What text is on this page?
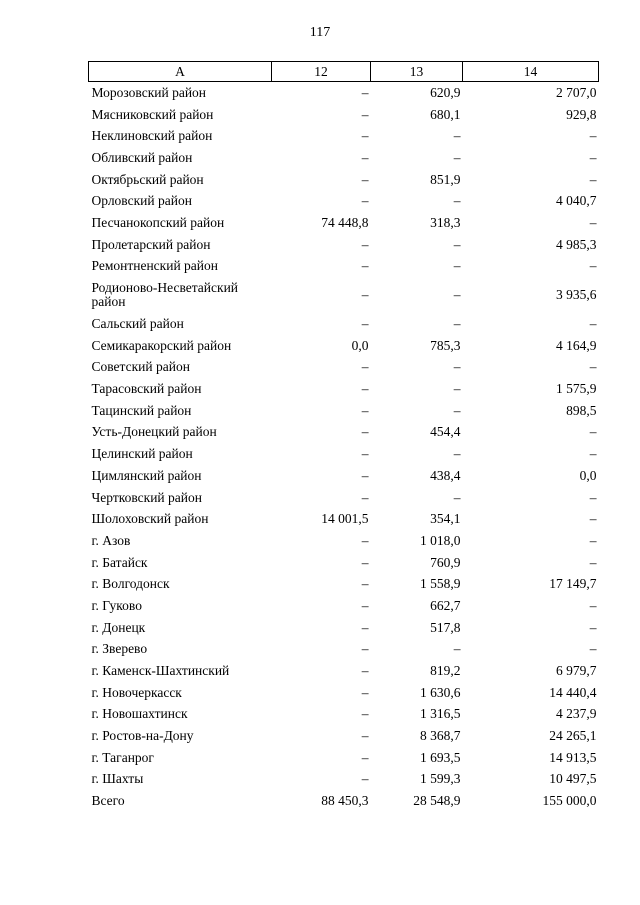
117
А	12	13	14
Морозовский район	–	620,9	2 707,0
Мясниковский район	–	680,1	929,8
Неклиновский район	–	–	–
Обливский район	–	–	–
Октябрьский район	–	851,9	–
Орловский район	–	–	4 040,7
Песчанокопский район	74 448,8	318,3	–
Пролетарский район	–	–	4 985,3
Ремонтненский район	–	–	–
Родионово-Несветайский район	–	–	3 935,6
Сальский район	–	–	–
Семикаракорский район	0,0	785,3	4 164,9
Советский район	–	–	–
Тарасовский район	–	–	1 575,9
Тацинский район	–	–	898,5
Усть-Донецкий район	–	454,4	–
Целинский район	–	–	–
Цимлянский район	–	438,4	0,0
Чертковский район	–	–	–
Шолоховский район	14 001,5	354,1	–
г. Азов	–	1 018,0	–
г. Батайск	–	760,9	–
г. Волгодонск	–	1 558,9	17 149,7
г. Гуково	–	662,7	–
г. Донецк	–	517,8	–
г. Зверево	–	–	–
г. Каменск-Шахтинский	–	819,2	6 979,7
г. Новочеркасск	–	1 630,6	14 440,4
г. Новошахтинск	–	1 316,5	4 237,9
г. Ростов-на-Дону	–	8 368,7	24 265,1
г. Таганрог	–	1 693,5	14 913,5
г. Шахты	–	1 599,3	10 497,5
Всего	88 450,3	28 548,9	155 000,0
